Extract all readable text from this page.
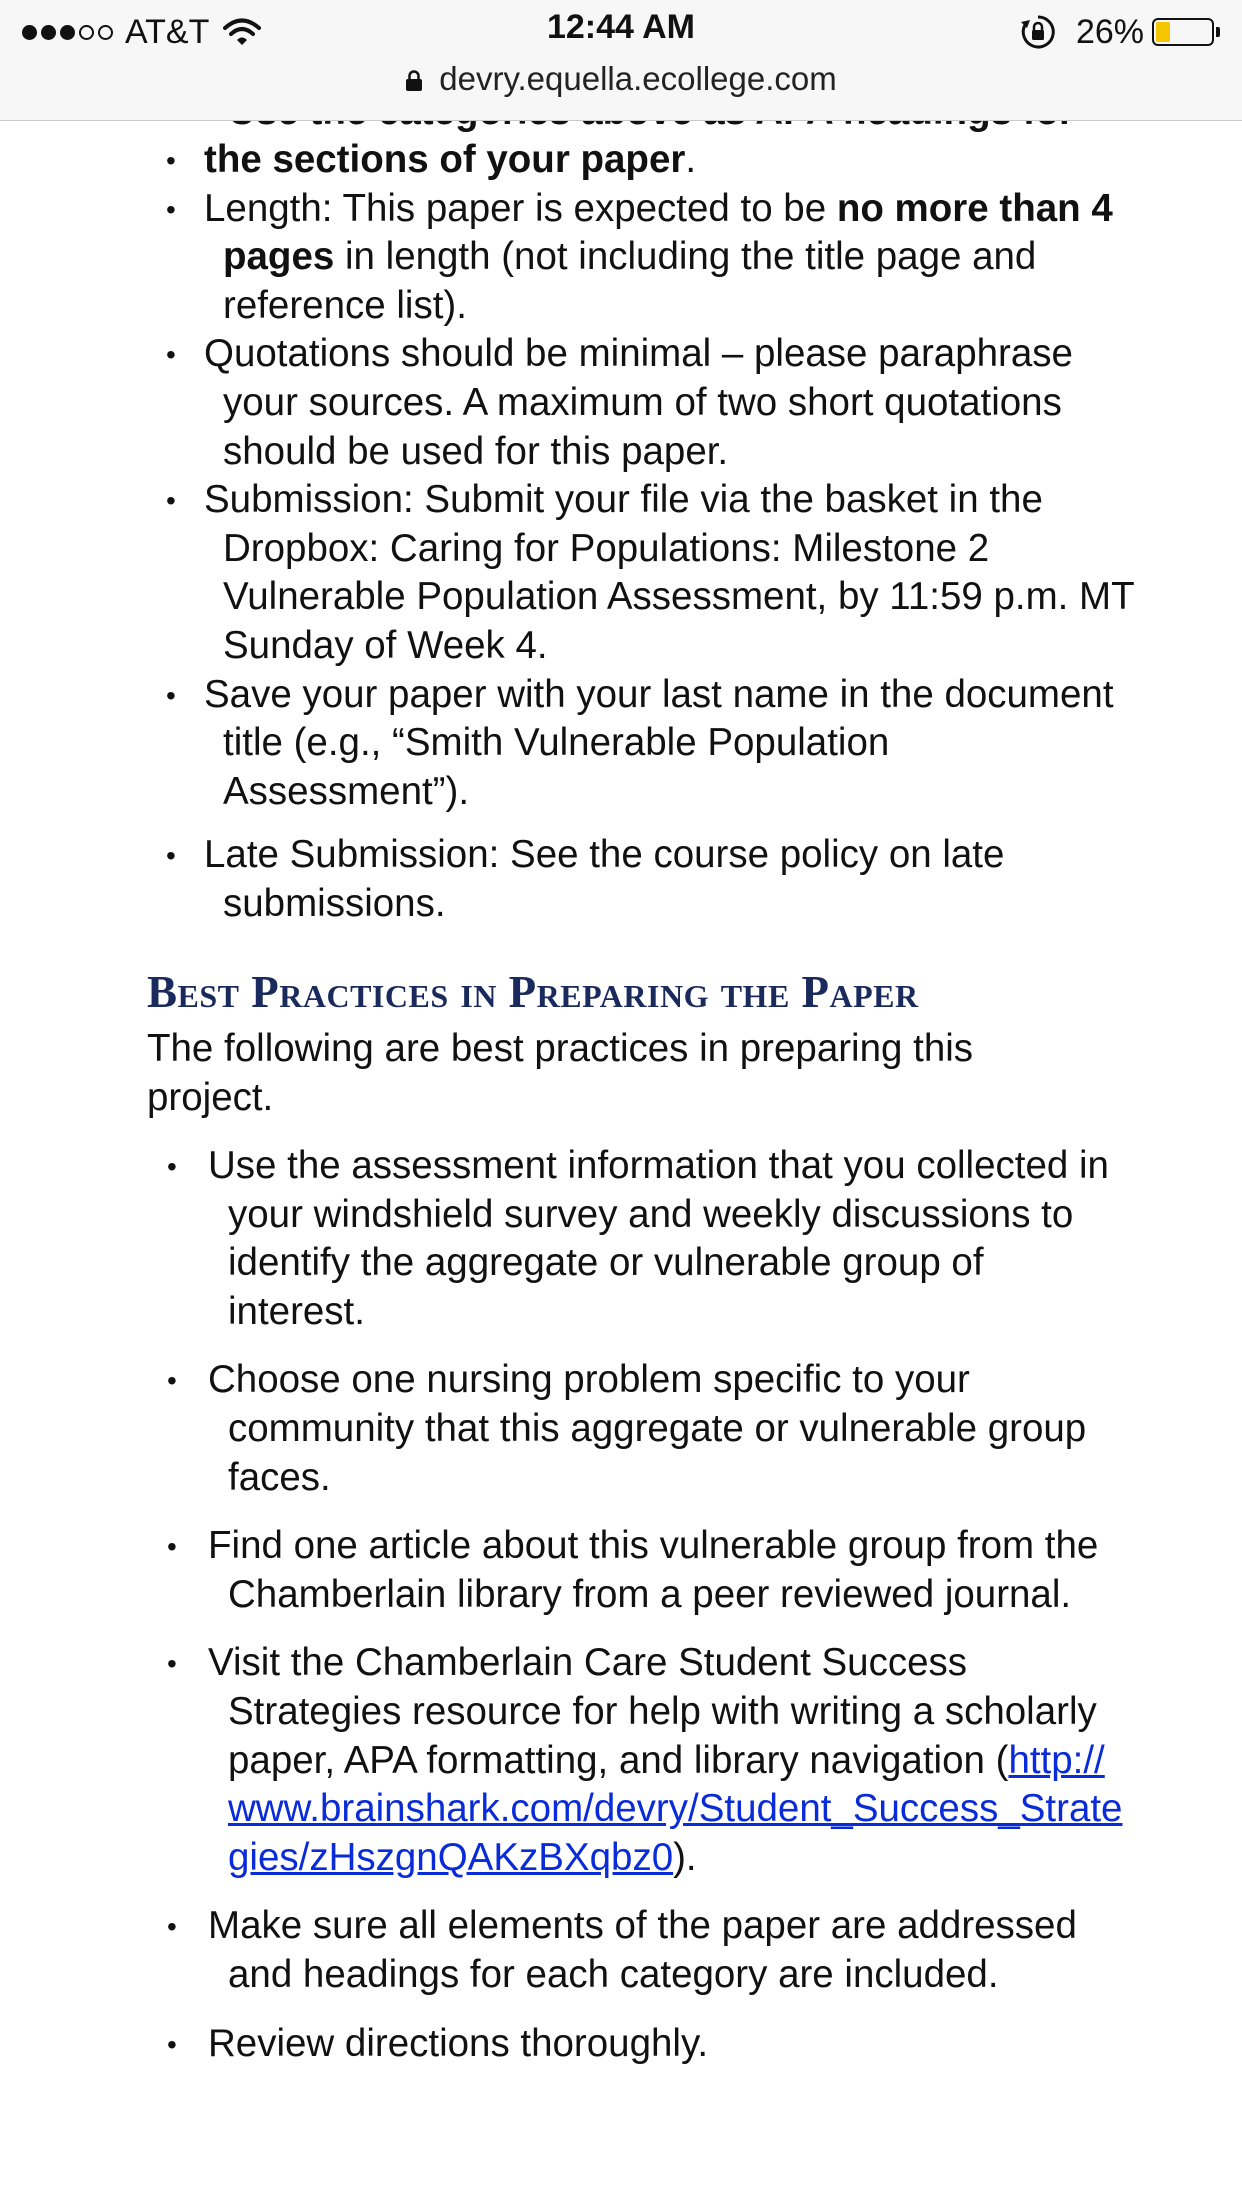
• the sections of your paper.
• Length: This paper is expected to be no more than 4 pages in length (not including the title page and reference list).
• Quotations should be minimal – please paraphrase your sources. A maximum of two short quotations should be used for this paper.
• Submission: Submit your file via the basket in the Dropbox: Caring for Populations: Milestone 2 Vulnerable Population Assessment, by 11:59 p.m. MT Sunday of Week 4.
• Save your paper with your last name in the document title (e.g., “Smith Vulnerable Population Assessment”).
• Late Submission: See the course policy on late submissions.
Best Practices in Preparing the Paper

The following are best practices in preparing this project.

• Use the assessment information that you collected in your windshield survey and weekly discussions to identify the aggregate or vulnerable group of interest.
• Choose one nursing problem specific to your community that this aggregate or vulnerable group faces.
• Find one article about this vulnerable group from the Chamberlain library from a peer reviewed journal.
• Visit the Chamberlain Care Student Success Strategies resource for help with writing a scholarly paper, APA formatting, and library navigation (http://www.brainshark.com/devry/Student_Success_Strategies/zHszgnQAKzBXqbz0).
• Make sure all elements of the paper are addressed and headings for each category are included.
• Review directions thoroughly.
AT&T	12:44 AM	26%
devry.equella.ecollege.com
